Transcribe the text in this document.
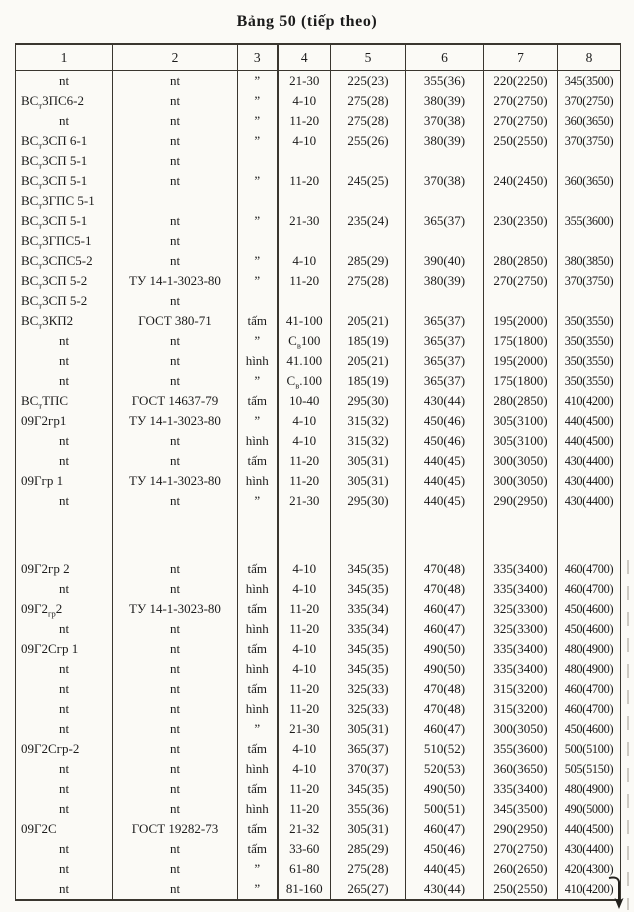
Bảng 50 (tiếp theo)
1	2	3	4	5	6	7	8
nt	nt	”	21-30	225(23)	355(36)	220(2250)	345(3500)
$ВС_т3ПС6-2$	nt	”	4-10	275(28)	380(39)	270(2750)	370(2750)
nt	nt	”	11-20	275(28)	370(38)	270(2750)	360(3650)
$ВС_т3СП$ 6-1	nt	”	4-10	255(26)	380(39)	250(2550)	370(3750)
$ВС_т3СП$ 5-1	nt						
$ВС_т3СП$ 5-1	nt	”	11-20	245(25)	370(38)	240(2450)	360(3650)
$ВС_т3ГПС$ 5-1							
$ВС_т3СП$ 5-1	nt	”	21-30	235(24)	365(37)	230(2350)	355(3600)
$ВС_т3ГПС5-1$	nt						
$ВС_т3СПС5-2$	nt	”	4-10	285(29)	390(40)	280(2850)	380(3850)
$ВС_т3СП$ 5-2	ТУ 14-1-3023-80	”	11-20	275(28)	380(39)	270(2750)	370(3750)
$ВС_т3СП$ 5-2	nt						
$ВС_т3КП2$	ГОСТ 380-71	tấm	41-100	205(21)	365(37)	195(2000)	350(3550)
nt	nt	”	$С_в100$	185(19)	365(37)	175(1800)	350(3550)
nt	nt	hình	41.100	205(21)	365(37)	195(2000)	350(3550)
nt	nt	”	$С_в.100$	185(19)	365(37)	175(1800)	350(3550)
$ВС_тТПС$	ГОСТ 14637-79	tấm	10-40	295(30)	430(44)	280(2850)	410(4200)
09Г2гр1	ТУ 14-1-3023-80	”	4-10	315(32)	450(46)	305(3100)	440(4500)
nt	nt	hình	4-10	315(32)	450(46)	305(3100)	440(4500)
nt	nt	tấm	11-20	305(31)	440(45)	300(3050)	430(4400)
09Ггр 1	ТУ 14-1-3023-80	hình	11-20	305(31)	440(45)	300(3050)	430(4400)
nt	nt	”	21-30	295(30)	440(45)	290(2950)	430(4400)

09Г2гр 2	nt	tấm	4-10	345(35)	470(48)	335(3400)	460(4700)
nt	nt	hình	4-10	345(35)	470(48)	335(3400)	460(4700)
$09Г2_{гр}2$	ТУ 14-1-3023-80	tấm	11-20	335(34)	460(47)	325(3300)	450(4600)
nt	nt	hình	11-20	335(34)	460(47)	325(3300)	450(4600)
09Г2Сгр 1	nt	tấm	4-10	345(35)	490(50)	335(3400)	480(4900)
nt	nt	hình	4-10	345(35)	490(50)	335(3400)	480(4900)
nt	nt	tấm	11-20	325(33)	470(48)	315(3200)	460(4700)
nt	nt	hình	11-20	325(33)	470(48)	315(3200)	460(4700)
nt	nt	”	21-30	305(31)	460(47)	300(3050)	450(4600)
09Г2Сгр-2	nt	tấm	4-10	365(37)	510(52)	355(3600)	500(5100)
nt	nt	hình	4-10	370(37)	520(53)	360(3650)	505(5150)
nt	nt	tấm	11-20	345(35)	490(50)	335(3400)	480(4900)
nt	nt	hình	11-20	355(36)	500(51)	345(3500)	490(5000)
09Г2С	ГОСТ 19282-73	tấm	21-32	305(31)	460(47)	290(2950)	440(4500)
nt	nt	tấm	33-60	285(29)	450(46)	270(2750)	430(4400)
nt	nt	”	61-80	275(28)	440(45)	260(2650)	420(4300)
nt	nt	”	81-160	265(27)	430(44)	250(2550)	410(4200)
